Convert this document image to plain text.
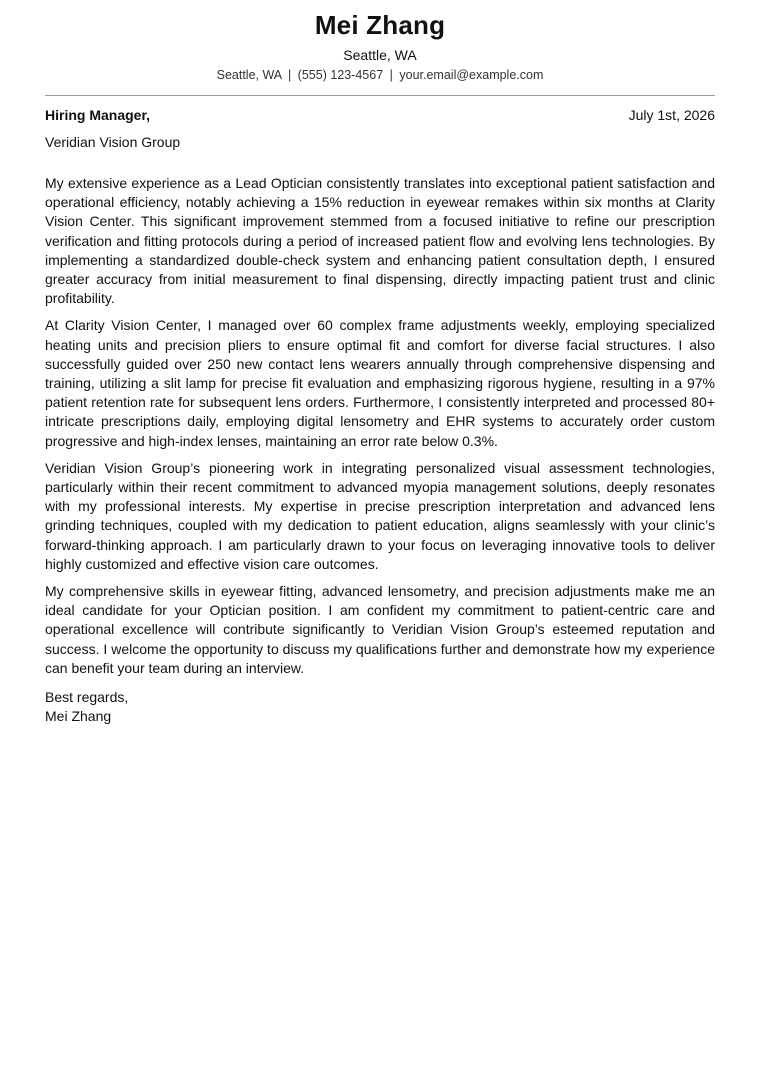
Mei Zhang
Seattle, WA
Seattle, WA | (555) 123-4567 | your.email@example.com
Hiring Manager,	July 1st, 2026
Veridian Vision Group

My extensive experience as a Lead Optician consistently translates into exceptional patient satisfaction and operational efficiency, notably achieving a 15% reduction in eyewear remakes within six months at Clarity Vision Center. This significant improvement stemmed from a focused initiative to refine our prescription verification and fitting protocols during a period of increased patient flow and evolving lens technologies. By implementing a standardized double-check system and enhancing patient consultation depth, I ensured greater accuracy from initial measurement to final dispensing, directly impacting patient trust and clinic profitability.

At Clarity Vision Center, I managed over 60 complex frame adjustments weekly, employing specialized heating units and precision pliers to ensure optimal fit and comfort for diverse facial structures. I also successfully guided over 250 new contact lens wearers annually through comprehensive dispensing and training, utilizing a slit lamp for precise fit evaluation and emphasizing rigorous hygiene, resulting in a 97% patient retention rate for subsequent lens orders. Furthermore, I consistently interpreted and processed 80+ intricate prescriptions daily, employing digital lensometry and EHR systems to accurately order custom progressive and high-index lenses, maintaining an error rate below 0.3%.

Veridian Vision Group’s pioneering work in integrating personalized visual assessment technologies, particularly within their recent commitment to advanced myopia management solutions, deeply resonates with my professional interests. My expertise in precise prescription interpretation and advanced lens grinding techniques, coupled with my dedication to patient education, aligns seamlessly with your clinic’s forward-thinking approach. I am particularly drawn to your focus on leveraging innovative tools to deliver highly customized and effective vision care outcomes.

My comprehensive skills in eyewear fitting, advanced lensometry, and precision adjustments make me an ideal candidate for your Optician position. I am confident my commitment to patient-centric care and operational excellence will contribute significantly to Veridian Vision Group’s esteemed reputation and success. I welcome the opportunity to discuss my qualifications further and demonstrate how my experience can benefit your team during an interview.

Best regards,
Mei Zhang
